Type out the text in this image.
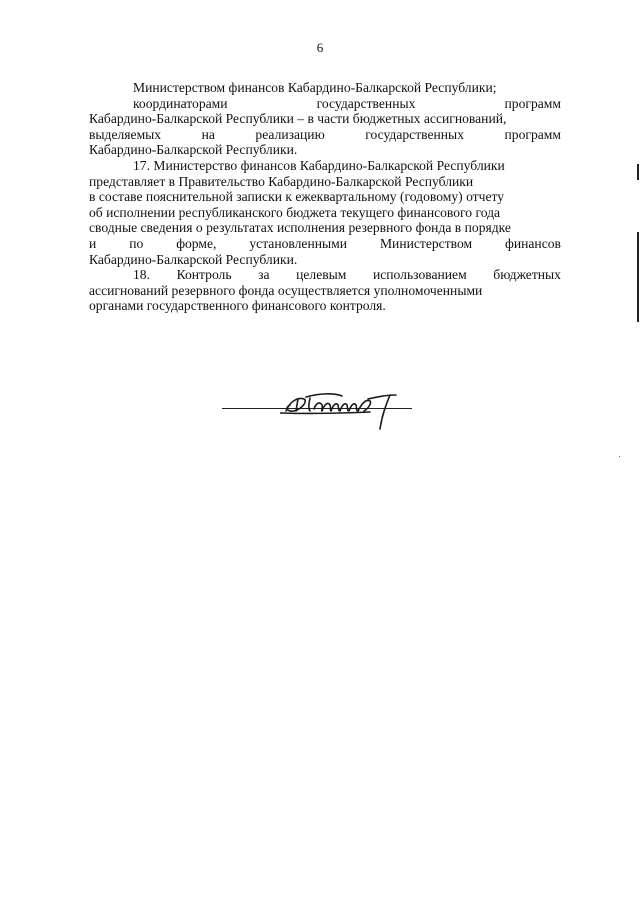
6
Министерством финансов Кабардино-Балкарской Республики;
координаторами	государственных	программ
Кабардино-Балкарской Республики – в части бюджетных ассигнований,
выделяемых	на	реализацию	государственных	программ
Кабардино-Балкарской Республики.
17. Министерство финансов Кабардино-Балкарской Республики
представляет в Правительство Кабардино-Балкарской Республики
в составе пояснительной записки к ежеквартальному (годовому) отчету
об исполнении республиканского бюджета текущего финансового года
сводные сведения о результатах исполнения резервного фонда в порядке
и по форме, установленными Министерством финансов
Кабардино-Балкарской Республики.
18. Контроль за целевым использованием бюджетных
ассигнований резервного фонда осуществляется уполномоченными
органами государственного финансового контроля.
